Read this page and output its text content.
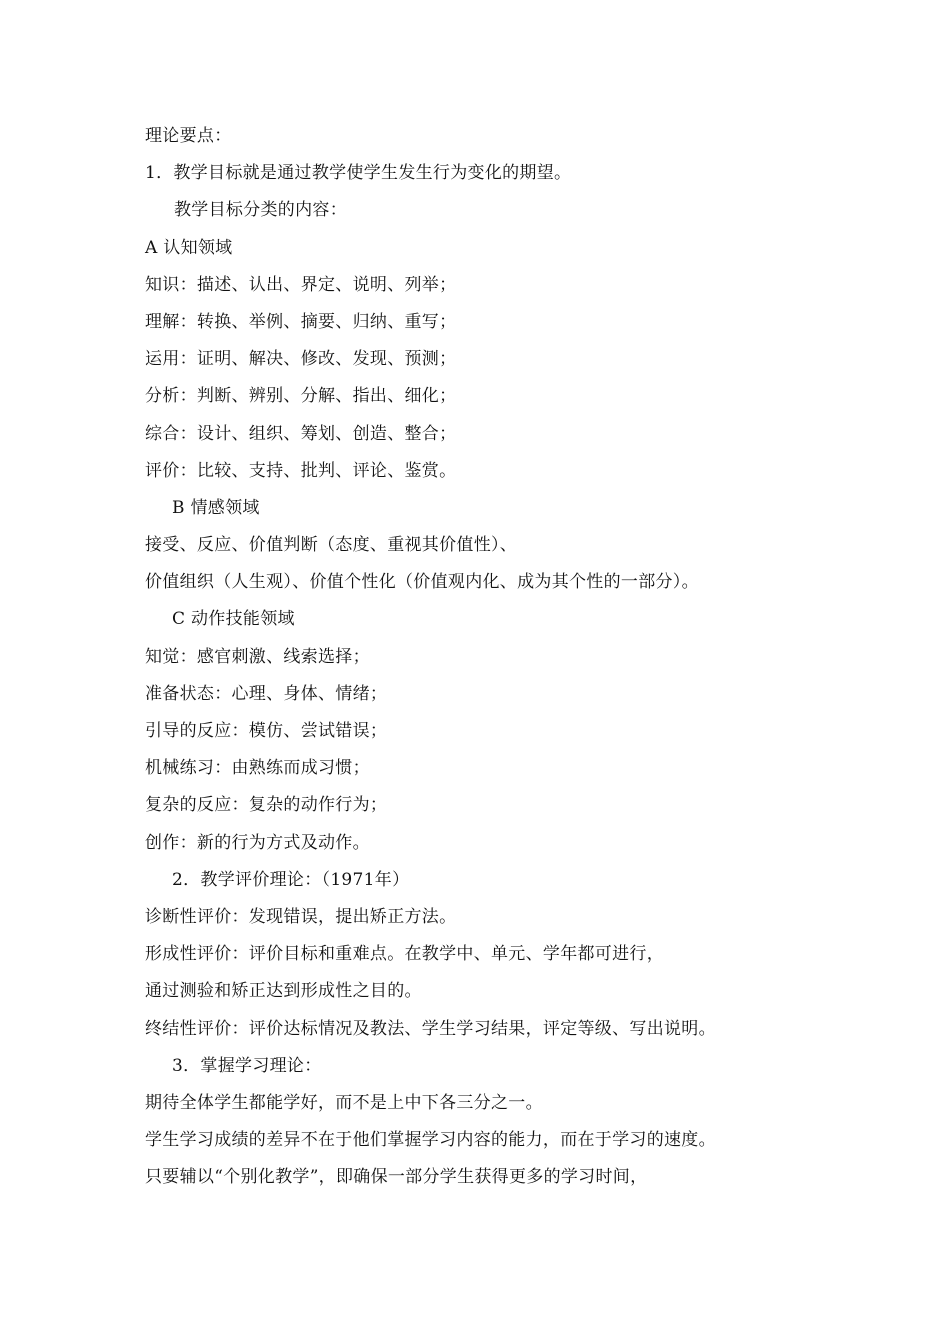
理论要点：
1．教学目标就是通过教学使学生发生行为变化的期望。
教学目标分类的内容：
A 认知领域
知识：描述、认出、界定、说明、列举；
理解：转换、举例、摘要、归纳、重写；
运用：证明、解决、修改、发现、预测；
分析：判断、辨别、分解、指出、细化；
综合：设计、组织、筹划、创造、整合；
评价：比较、支持、批判、评论、鉴赏。
B 情感领域
接受、反应、价值判断（态度、重视其价值性）、
价值组织（人生观）、价值个性化（价值观内化、成为其个性的一部分）。
C 动作技能领域
知觉：感官刺激、线索选择；
准备状态：心理、身体、情绪；
引导的反应：模仿、尝试错误；
机械练习：由熟练而成习惯；
复杂的反应：复杂的动作行为；
创作：新的行为方式及动作。
2．教学评价理论：（1971年）
诊断性评价：发现错误，提出矫正方法。
形成性评价：评价目标和重难点。在教学中、单元、学年都可进行，
通过测验和矫正达到形成性之目的。
终结性评价：评价达标情况及教法、学生学习结果，评定等级、写出说明。
3．掌握学习理论：
期待全体学生都能学好，而不是上中下各三分之一。
学生学习成绩的差异不在于他们掌握学习内容的能力，而在于学习的速度。
只要辅以“个别化教学”，即确保一部分学生获得更多的学习时间，
